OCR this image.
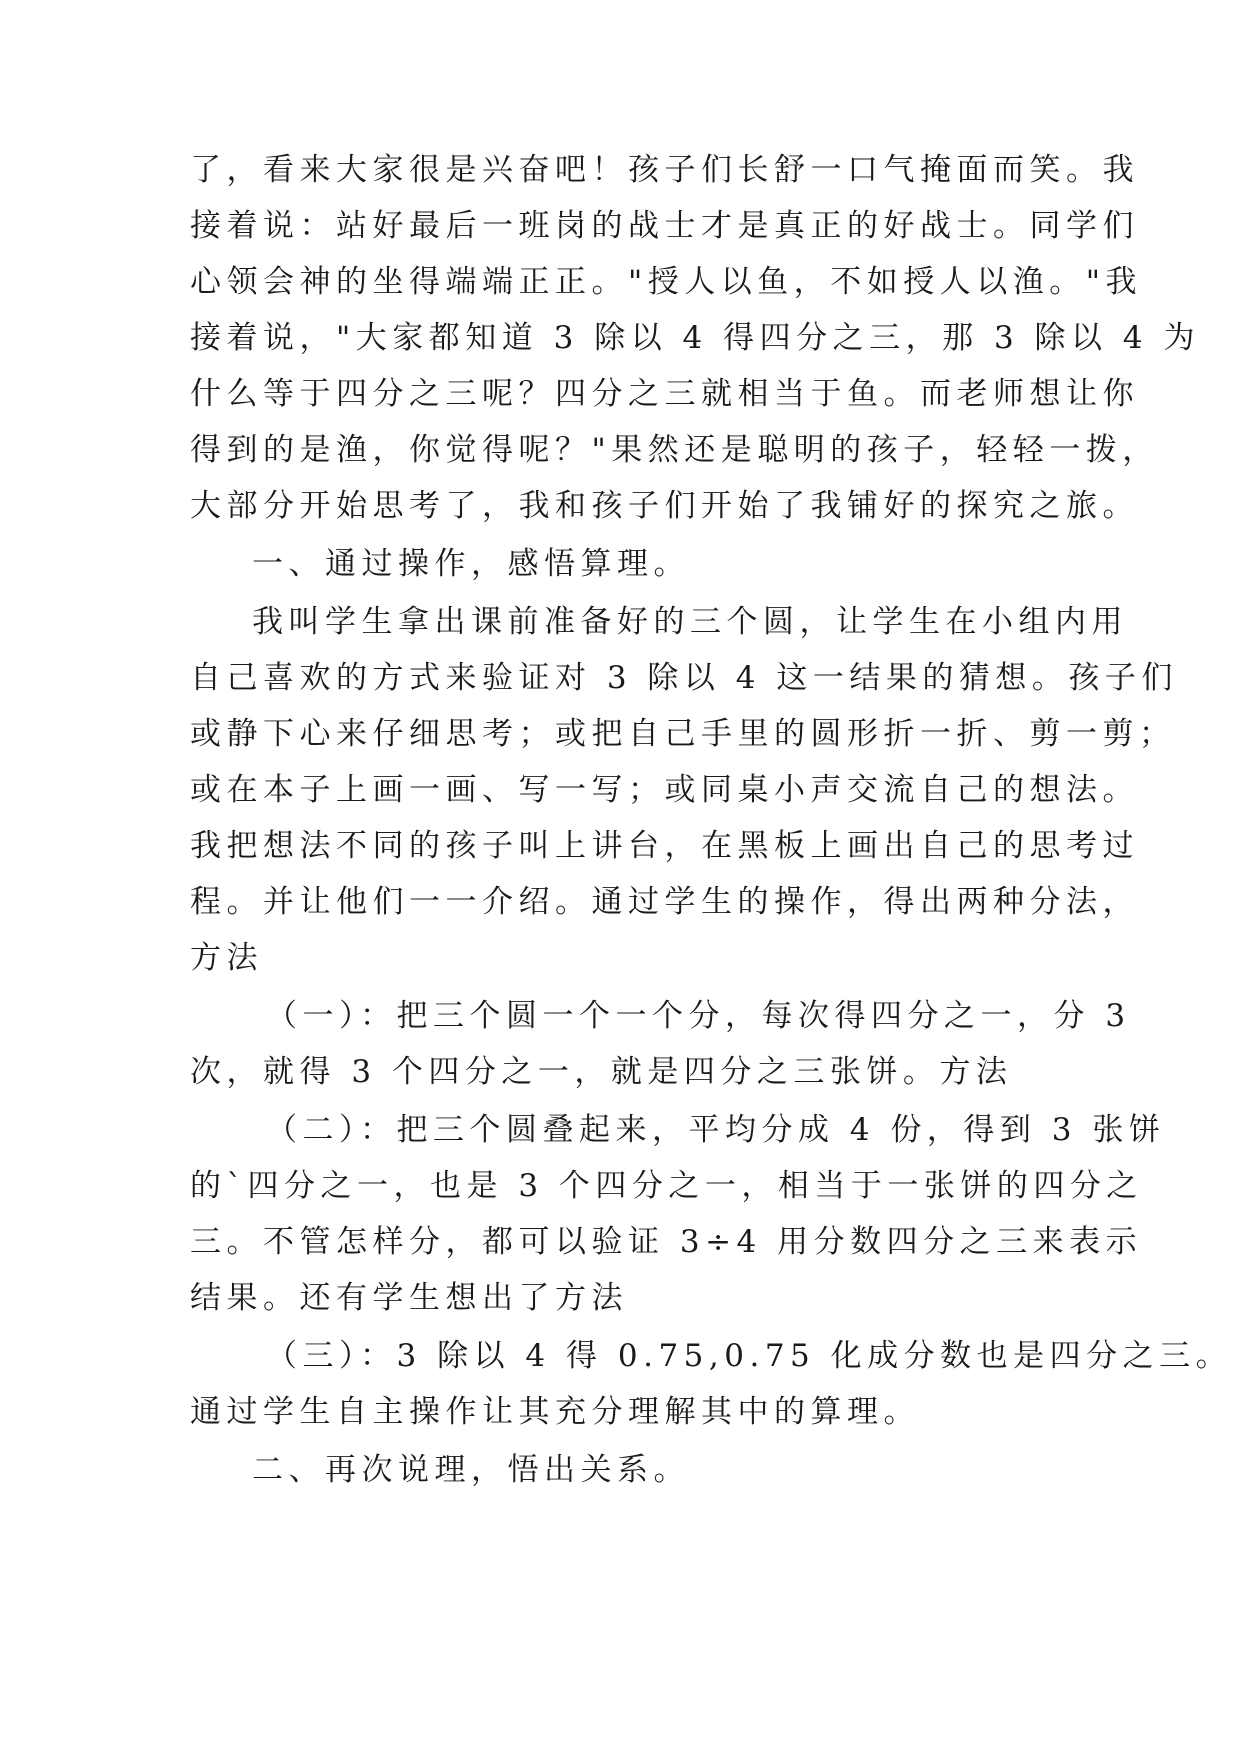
了，看来大家很是兴奋吧！孩子们长舒一口气掩面而笑。我
接着说：站好最后一班岗的战士才是真正的好战士。同学们
心领会神的坐得端端正正。"授人以鱼，不如授人以渔。"我
接着说，"大家都知道 3 除以 4 得四分之三，那 3 除以 4 为
什么等于四分之三呢？四分之三就相当于鱼。而老师想让你
得到的是渔，你觉得呢？"果然还是聪明的孩子，轻轻一拨，
大部分开始思考了，我和孩子们开始了我铺好的探究之旅。
一、通过操作，感悟算理。
我叫学生拿出课前准备好的三个圆，让学生在小组内用
自己喜欢的方式来验证对 3 除以 4 这一结果的猜想。孩子们
或静下心来仔细思考；或把自己手里的圆形折一折、剪一剪；
或在本子上画一画、写一写；或同桌小声交流自己的想法。
我把想法不同的孩子叫上讲台，在黑板上画出自己的思考过
程。并让他们一一介绍。通过学生的操作，得出两种分法，
方法
（一）：把三个圆一个一个分，每次得四分之一，分 3
次，就得 3 个四分之一，就是四分之三张饼。方法
（二）：把三个圆叠起来，平均分成 4 份，得到 3 张饼
的`四分之一，也是 3 个四分之一，相当于一张饼的四分之
三。不管怎样分，都可以验证 3÷4 用分数四分之三来表示
结果。还有学生想出了方法
（三）：3 除以 4 得 0.75,0.75 化成分数也是四分之三。
通过学生自主操作让其充分理解其中的算理。
二、再次说理，悟出关系。
